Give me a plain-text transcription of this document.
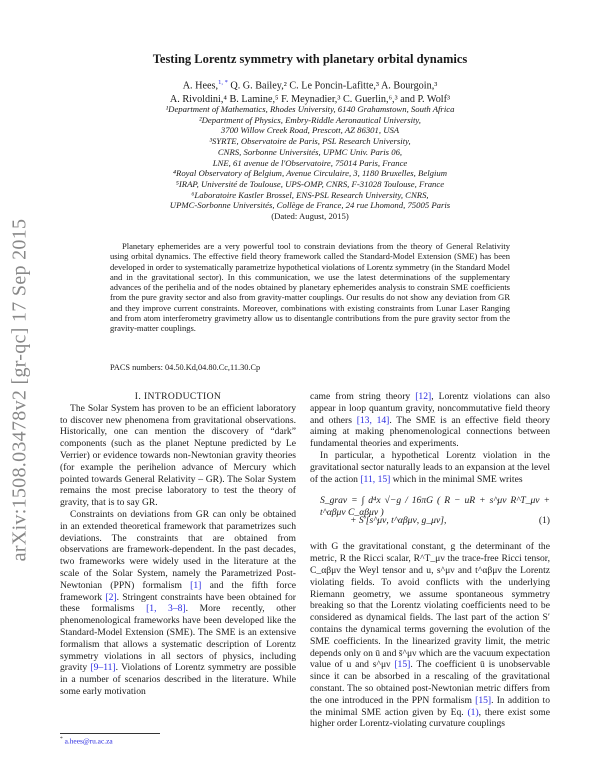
arXiv:1508.03478v2 [gr-qc] 17 Sep 2015
Testing Lorentz symmetry with planetary orbital dynamics
A. Hees,$^{1, *}$ Q. G. Bailey,² C. Le Poncin-Lafitte,³ A. Bourgoin,³
A. Rivoldini,⁴ B. Lamine,⁵ F. Meynadier,³ C. Guerlin,⁶,³ and P. Wolf³
¹Department of Mathematics, Rhodes University, 6140 Grahamstown, South Africa
²Department of Physics, Embry-Riddle Aeronautical University,
3700 Willow Creek Road, Prescott, AZ 86301, USA
³SYRTE, Observatoire de Paris, PSL Research University,
CNRS, Sorbonne Universités, UPMC Univ. Paris 06,
LNE, 61 avenue de l'Observatoire, 75014 Paris, France
⁴Royal Observatory of Belgium, Avenue Circulaire, 3, 1180 Bruxelles, Belgium
⁵IRAP, Université de Toulouse, UPS-OMP, CNRS, F-31028 Toulouse, France
⁶Laboratoire Kastler Brossel, ENS-PSL Research University, CNRS,
UPMC-Sorbonne Universités, Collège de France, 24 rue Lhomond, 75005 Paris
(Dated: August, 2015)
Planetary ephemerides are a very powerful tool to constrain deviations from the theory of General Relativity using orbital dynamics. The effective field theory framework called the Standard-Model Extension (SME) has been developed in order to systematically parametrize hypothetical violations of Lorentz symmetry (in the Standard Model and in the gravitational sector). In this communication, we use the latest determinations of the supplementary advances of the perihelia and of the nodes obtained by planetary ephemerides analysis to constrain SME coefficients from the pure gravity sector and also from gravity-matter couplings. Our results do not show any deviation from GR and they improve current constraints. Moreover, combinations with existing constraints from Lunar Laser Ranging and from atom interferometry gravimetry allow us to disentangle contributions from the pure gravity sector from the gravity-matter couplings.
PACS numbers: 04.50.Kd,04.80.Cc,11.30.Cp

I. INTRODUCTION

The Solar System has proven to be an efficient laboratory to discover new phenomena from gravitational observations. Historically, one can mention the discovery of “dark” components (such as the planet Neptune predicted by Le Verrier) or evidence towards non-Newtonian gravity theories (for example the perihelion advance of Mercury which pointed towards General Relativity – GR). The Solar System remains the most precise laboratory to test the theory of gravity, that is to say GR.

Constraints on deviations from GR can only be obtained in an extended theoretical framework that parametrizes such deviations. The constraints that are obtained from observations are framework-dependent. In the past decades, two frameworks were widely used in the literature at the scale of the Solar System, namely the Parametrized Post-Newtonian (PPN) formalism [1] and the fifth force framework [2]. Stringent constraints have been obtained for these formalisms [1, 3–8]. More recently, other phenomenological frameworks have been developed like the Standard-Model Extension (SME). The SME is an extensive formalism that allows a systematic description of Lorentz symmetry violations in all sectors of physics, including gravity [9–11]. Violations of Lorentz symmetry are possible in a number of scenarios described in the literature. While some early motivation

came from string theory [12], Lorentz violations can also appear in loop quantum gravity, noncommutative field theory and others [13, 14]. The SME is an effective field theory aiming at making phenomenological connections between fundamental theories and experiments.

In particular, a hypothetical Lorentz violation in the gravitational sector naturally leads to an expansion at the level of the action [11, 15] which in the minimal SME writes

S_grav = ∫ d⁴x √−g / 16πG ( R − uR + s^μν R^T_μν + t^αβμν C_αβμν )
+ S′[s^μν, t^αβμν, g_μν],	(1)

with G the gravitational constant, g the determinant of the metric, R the Ricci scalar, R^T_μν the trace-free Ricci tensor, C_αβμν the Weyl tensor and u, s^μν and t^αβμν the Lorentz violating fields. To avoid conflicts with the underlying Riemann geometry, we assume spontaneous symmetry breaking so that the Lorentz violating coefficients need to be considered as dynamical fields. The last part of the action S′ contains the dynamical terms governing the evolution of the SME coefficients. In the linearized gravity limit, the metric depends only on ū and s̄^μν which are the vacuum expectation value of u and s^μν [15]. The coefficient ū is unobservable since it can be absorbed in a rescaling of the gravitational constant. The so obtained post-Newtonian metric differs from the one introduced in the PPN formalism [15]. In addition to the minimal SME action given by Eq. (1), there exist some higher order Lorentz-violating curvature couplings

* a.hees@ru.ac.za
